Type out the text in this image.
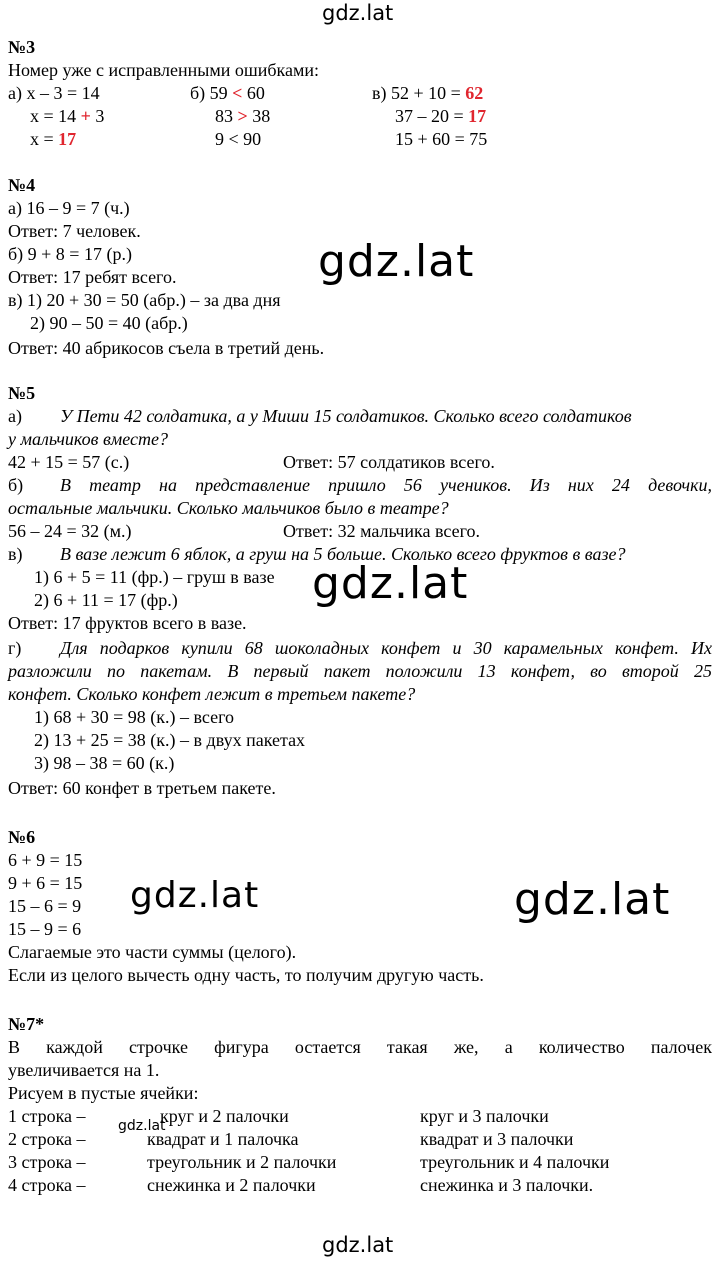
gdz.lat
gdz.lat
gdz.lat
gdz.lat	gdz.lat
gdz.lat
gdz.lat
№3
Номер уже с исправленными ошибками:
а) x – 3 = 14
x = 14 + 3
x = 17
б) 59 < 60
83 > 38
9 < 90
в) 52 + 10 = 62
37 – 20 = 17
15 + 60 = 75
№4
а) 16 – 9 = 7 (ч.)
Ответ: 7 человек.
б) 9 + 8 = 17 (р.)
Ответ: 17 ребят всего.
в) 1) 20 + 30 = 50 (абр.) – за два дня
2) 90 – 50 = 40 (абр.)
Ответ: 40 абрикосов съела в третий день.
№5
а) У Пети 42 солдатика, а у Миши 15 солдатиков. Сколько всего солдатиков
у мальчиков вместе?
42 + 15 = 57 (с.)	Ответ: 57 солдатиков всего.
б) В театр на представление пришло 56 учеников. Из них 24 девочки,
остальные мальчики. Сколько мальчиков было в театре?
56 – 24 = 32 (м.)	Ответ: 32 мальчика всего.
в) В вазе лежит 6 яблок, а груш на 5 больше. Сколько всего фруктов в вазе?
1) 6 + 5 = 11 (фр.) – груш в вазе
2) 6 + 11 = 17 (фр.)
Ответ: 17 фруктов всего в вазе.
г) Для подарков купили 68 шоколадных конфет и 30 карамельных конфет. Их
разложили по пакетам. В первый пакет положили 13 конфет, во второй 25
конфет. Сколько конфет лежит в третьем пакете?
1) 68 + 30 = 98 (к.) – всего
2) 13 + 25 = 38 (к.) – в двух пакетах
3) 98 – 38 = 60 (к.)
Ответ: 60 конфет в третьем пакете.
№6
6 + 9 = 15
9 + 6 = 15
15 – 6 = 9
15 – 9 = 6
Слагаемые это части суммы (целого).
Если из целого вычесть одну часть, то получим другую часть.
№7*
В каждой строчке фигура остается такая же, а количество палочек
увеличивается на 1.
Рисуем в пустые ячейки:
1 строка –	круг и 2 палочки	круг и 3 палочки
2 строка –	квадрат и 1 палочка	квадрат и 3 палочки
3 строка –	треугольник и 2 палочки	треугольник и 4 палочки
4 строка –	снежинка и 2 палочки	снежинка и 3 палочки.
